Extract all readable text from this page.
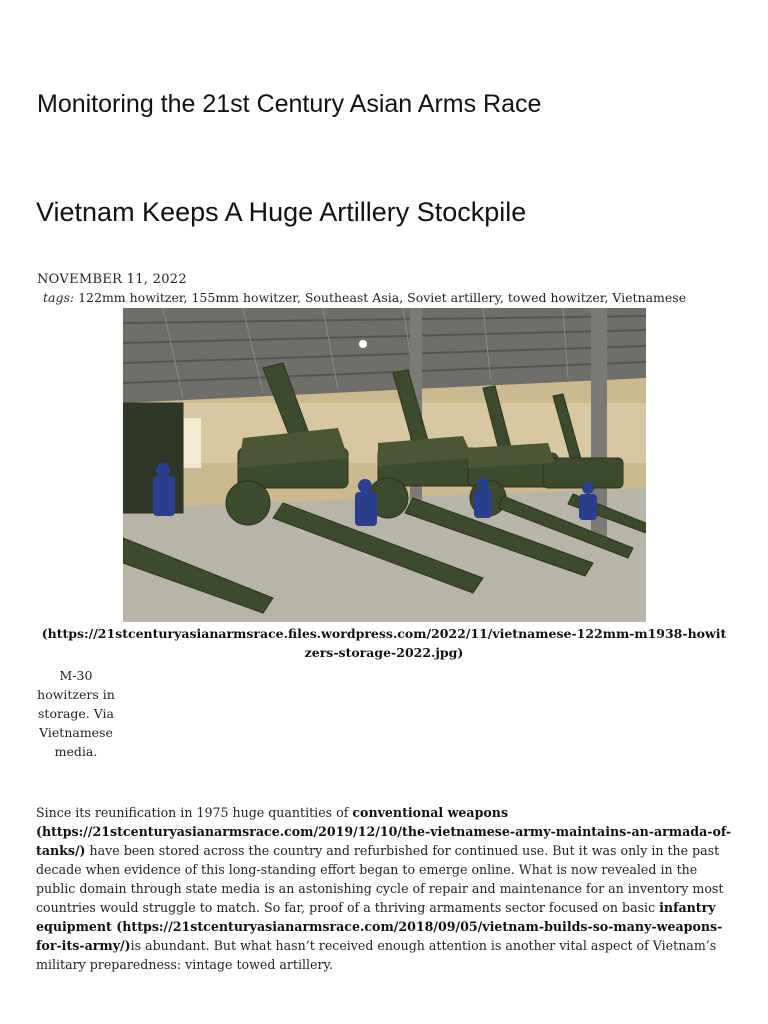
Monitoring the 21st Century Asian Arms Race
Vietnam Keeps A Huge Artillery Stockpile
NOVEMBER 11, 2022
tags: 122mm howitzer, 155mm howitzer, Southeast Asia, Soviet artillery, towed howitzer, Vietnamese
(https://21stcenturyasianarmsrace.files.wordpress.com/2022/11/vietnamese-122mm-m1938-howitzers-storage-2022.jpg)
M-30 howitzers in storage. Via Vietnamese media.

Since its reunification in 1975 huge quantities of conventional weapons (https://21stcenturyasianarmsrace.com/2019/12/10/the-vietnamese-army-maintains-an-armada-of-tanks/) have been stored across the country and refurbished for continued use. But it was only in the past decade when evidence of this long-standing effort began to emerge online. What is now revealed in the public domain through state media is an astonishing cycle of repair and maintenance for an inventory most countries would struggle to match. So far, proof of a thriving armaments sector focused on basic infantry equipment (https://21stcenturyasianarmsrace.com/2018/09/05/vietnam-builds-so-many-weapons-for-its-army/)is abundant. But what hasn’t received enough attention is another vital aspect of Vietnam’s military preparedness: vintage towed artillery.
